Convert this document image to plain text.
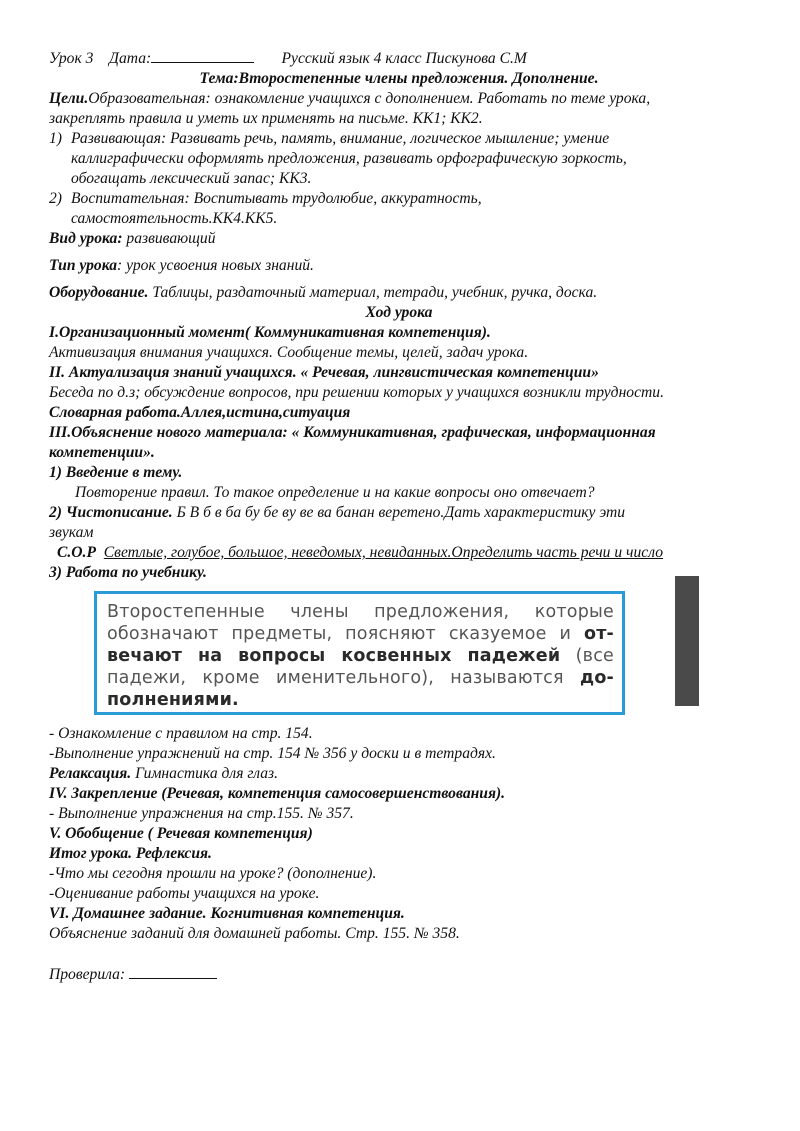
Урок 3 Дата:	Русский язык 4 класс Пискунова С.М

Тема:Второстепенные члены предложения. Дополнение.

Цели.Образовательная: ознакомление учащихся с дополнением. Работать по теме урока,

закреплять правила и уметь их применять на письме. КК1; КК2.

1) Развивающая: Развивать речь, память, внимание, логическое мышление; умение

каллиграфически оформлять предложения, развивать орфографическую зоркость,

обогащать лексический запас; КК3.

2) Воспитательная: Воспитывать трудолюбие, аккуратность,

самостоятельность.КК4.КК5.

Вид урока: развивающий

Тип урока: урок усвоения новых знаний.

Оборудование. Таблицы, раздаточный материал, тетради, учебник, ручка, доска.

Ход урока

I.Организационный момент( Коммуникативная компетенция).

Активизация внимания учащихся. Сообщение темы, целей, задач урока.

II. Актуализация знаний учащихся. « Речевая, лингвистическая компетенции»

Беседа по д.з; обсуждение вопросов, при решении которых у учащихся возникли трудности.

Словарная работа.Аллея,истина,ситуация

III.Объяснение нового материала: « Коммуникативная, графическая, информационная

компетенции».

1) Введение в тему.

Повторение правил. То такое определение и на какие вопросы оно отвечает?

2) Чистописание. Б В б в ба бу бе ву ве ва банан веретено.Дать характеристику эти

звукам

С.О.Р Светлые, голубое, большое, неведомых, невиданных.Определить часть речи и число

3) Работа по учебнику.

Второстепенные члены предложения, которые

обозначают предметы, поясняют сказуемое и от-

вечают на вопросы косвенных падежей (все

падежи, кроме именительного), называются до-

полнениями.

- Ознакомление с правилом на стр. 154.

-Выполнение упражнений на стр. 154 № 356 у доски и в тетрадях.

Релаксация. Гимнастика для глаз.

IV. Закрепление (Речевая, компетенция самосовершенствования).

- Выполнение упражнения на стр.155. № 357.

V. Обобщение ( Речевая компетенция)

Итог урока. Рефлексия.

-Что мы сегодня прошли на уроке? (дополнение).

-Оценивание работы учащихся на уроке.

VI. Домашнее задание. Когнитивная компетенция.

Объяснение заданий для домашней работы. Стр. 155. № 358.

Проверила:
